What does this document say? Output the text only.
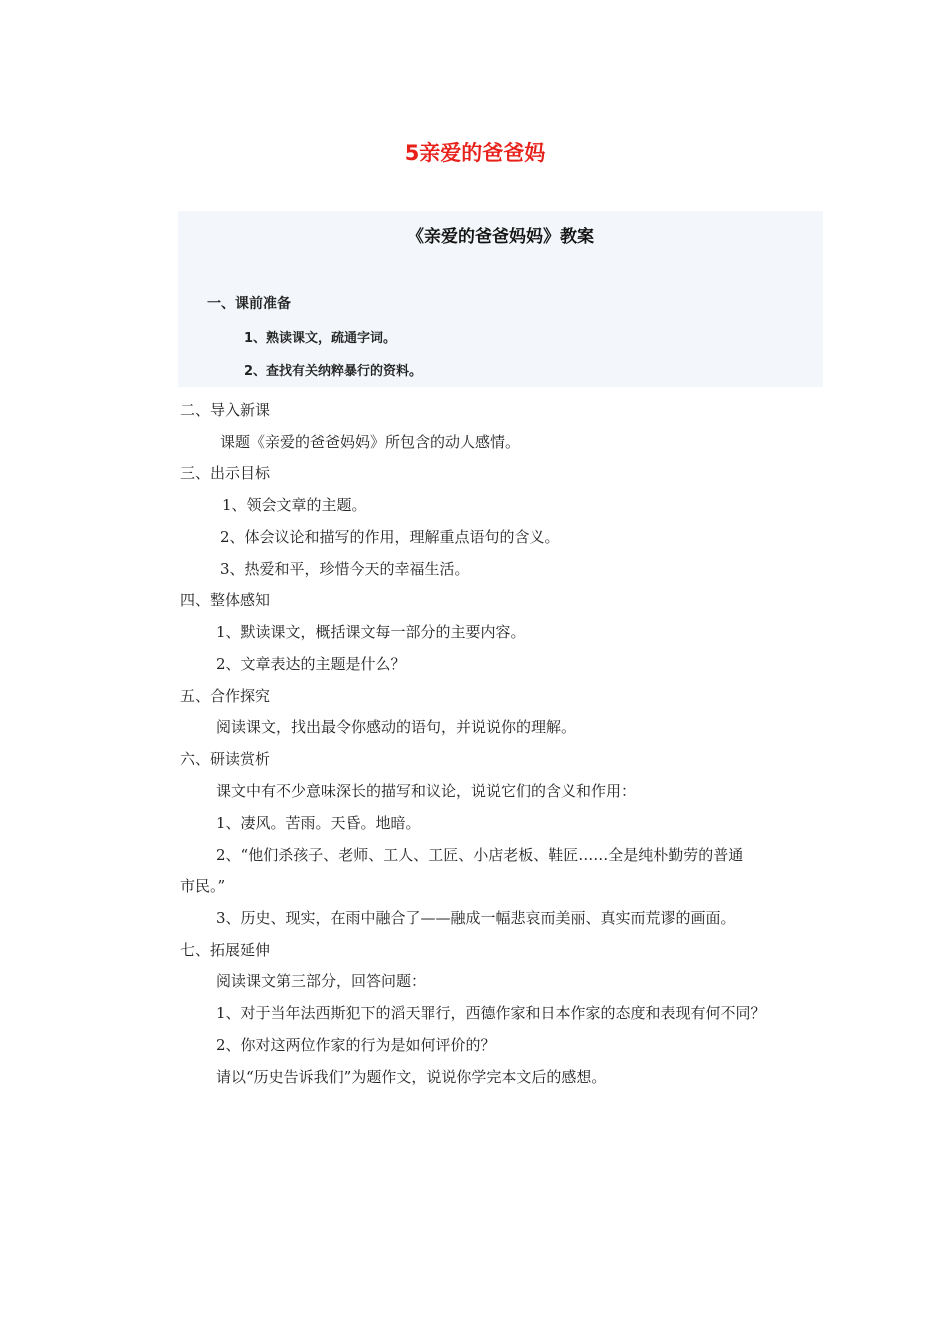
5亲爱的爸爸妈
《亲爱的爸爸妈妈》教案
一、课前准备
1、熟读课文，疏通字词。
2、查找有关纳粹暴行的资料。
二、导入新课
课题《亲爱的爸爸妈妈》所包含的动人感情。
三、出示目标
1、领会文章的主题。
2、体会议论和描写的作用，理解重点语句的含义。
3、热爱和平，珍惜今天的幸福生活。
四、整体感知
1、默读课文，概括课文每一部分的主要内容。
2、文章表达的主题是什么？
五、合作探究
阅读课文，找出最令你感动的语句，并说说你的理解。
六、研读赏析
课文中有不少意味深长的描写和议论，说说它们的含义和作用：
1、凄风。苦雨。天昏。地暗。
2、“他们杀孩子、老师、工人、工匠、小店老板、鞋匠……全是纯朴勤劳的普通
市民。”
3、历史、现实，在雨中融合了——融成一幅悲哀而美丽、真实而荒谬的画面。
七、拓展延伸
阅读课文第三部分，回答问题：
1、对于当年法西斯犯下的滔天罪行，西德作家和日本作家的态度和表现有何不同？
2、你对这两位作家的行为是如何评价的？
请以“历史告诉我们”为题作文，说说你学完本文后的感想。
